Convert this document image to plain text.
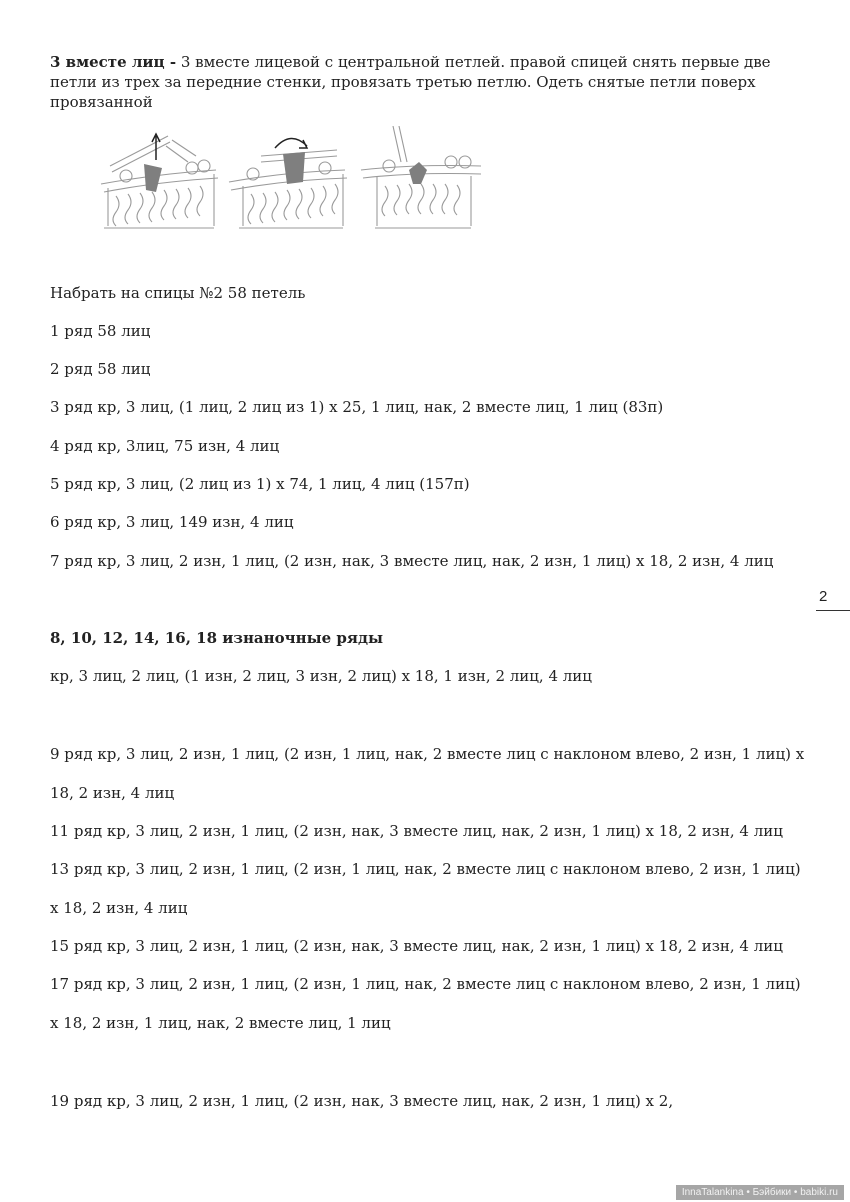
3 вместе лиц - 3 вместе лицевой с центральной петлей. правой спицей снять первые две петли из трех за передние стенки, провязать третью петлю. Одеть снятые петли поверх провязанной
Набрать на спицы №2 58 петель
1 ряд 58 лиц
2 ряд 58 лиц
3 ряд кр, 3 лиц, (1 лиц, 2 лиц из 1) х 25, 1 лиц, нак, 2 вместе лиц, 1 лиц (83п)
4 ряд кр, 3лиц, 75 изн, 4 лиц
5 ряд кр, 3 лиц, (2 лиц из 1) х 74, 1 лиц, 4 лиц (157п)
6 ряд кр, 3 лиц, 149 изн, 4 лиц
7 ряд кр, 3 лиц, 2 изн, 1 лиц, (2 изн, нак, 3 вместе лиц, нак, 2 изн, 1 лиц) х 18, 2 изн, 4 лиц
2
8, 10, 12, 14, 16, 18 изнаночные ряды
кр, 3 лиц, 2 лиц, (1 изн, 2 лиц, 3 изн, 2 лиц) х 18, 1 изн, 2 лиц, 4 лиц
9 ряд кр, 3 лиц, 2 изн, 1 лиц, (2 изн, 1 лиц, нак, 2 вместе лиц с наклоном влево, 2 изн, 1 лиц) х
18, 2 изн, 4 лиц
11 ряд кр, 3 лиц, 2 изн, 1 лиц, (2 изн, нак, 3 вместе лиц, нак, 2 изн, 1 лиц) х 18, 2 изн, 4 лиц
13 ряд кр, 3 лиц, 2 изн, 1 лиц, (2 изн, 1 лиц, нак, 2 вместе лиц с наклоном влево, 2 изн, 1 лиц)
х 18, 2 изн, 4 лиц
15 ряд кр, 3 лиц, 2 изн, 1 лиц, (2 изн, нак, 3 вместе лиц, нак, 2 изн, 1 лиц) х 18, 2 изн, 4 лиц
17 ряд кр, 3 лиц, 2 изн, 1 лиц, (2 изн, 1 лиц, нак, 2 вместе лиц с наклоном влево, 2 изн, 1 лиц)
х 18, 2 изн, 1 лиц, нак, 2 вместе лиц, 1 лиц
19 ряд кр, 3 лиц, 2 изн, 1 лиц, (2 изн, нак, 3 вместе лиц, нак, 2 изн, 1 лиц) х 2,
InnaTalankina • Бэйбики • babiki.ru
